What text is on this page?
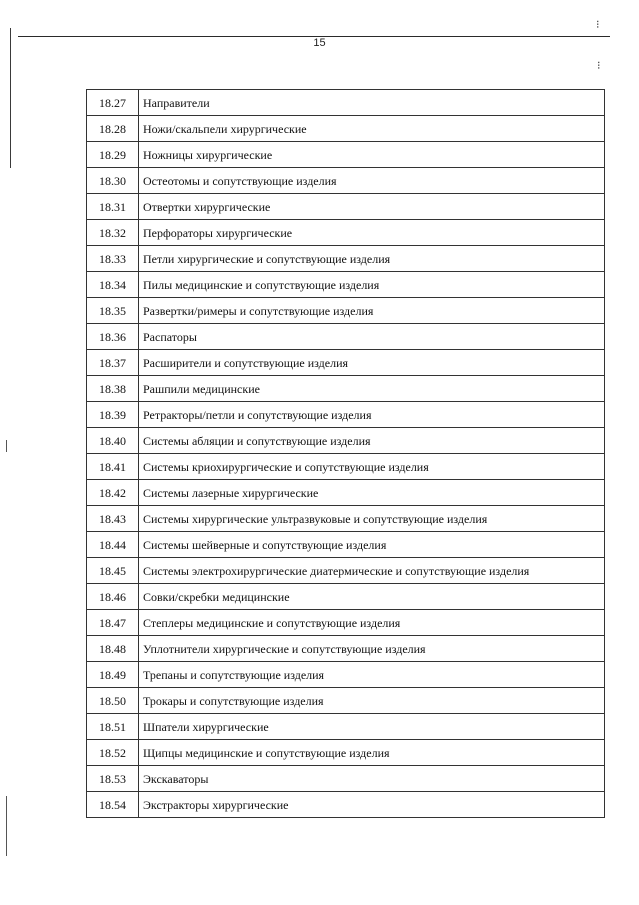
⁝
⁝
15
18.27	Направители
18.28	Ножи/скальпели хирургические
18.29	Ножницы хирургические
18.30	Остеотомы и сопутствующие изделия
18.31	Отвертки хирургические
18.32	Перфораторы хирургические
18.33	Петли хирургические и сопутствующие изделия
18.34	Пилы медицинские и сопутствующие изделия
18.35	Развертки/римеры и сопутствующие изделия
18.36	Распаторы
18.37	Расширители и сопутствующие изделия
18.38	Рашпили медицинские
18.39	Ретракторы/петли и сопутствующие изделия
18.40	Системы абляции и сопутствующие изделия
18.41	Системы криохирургические и сопутствующие изделия
18.42	Системы лазерные хирургические
18.43	Системы хирургические ультразвуковые и сопутствующие изделия
18.44	Системы шейверные и сопутствующие изделия
18.45	Системы электрохирургические диатермические и сопутствующие изделия
18.46	Совки/скребки медицинские
18.47	Степлеры медицинские и сопутствующие изделия
18.48	Уплотнители хирургические и сопутствующие изделия
18.49	Трепаны и сопутствующие изделия
18.50	Трокары и сопутствующие изделия
18.51	Шпатели хирургические
18.52	Щипцы медицинские и сопутствующие изделия
18.53	Экскаваторы
18.54	Экстракторы хирургические
